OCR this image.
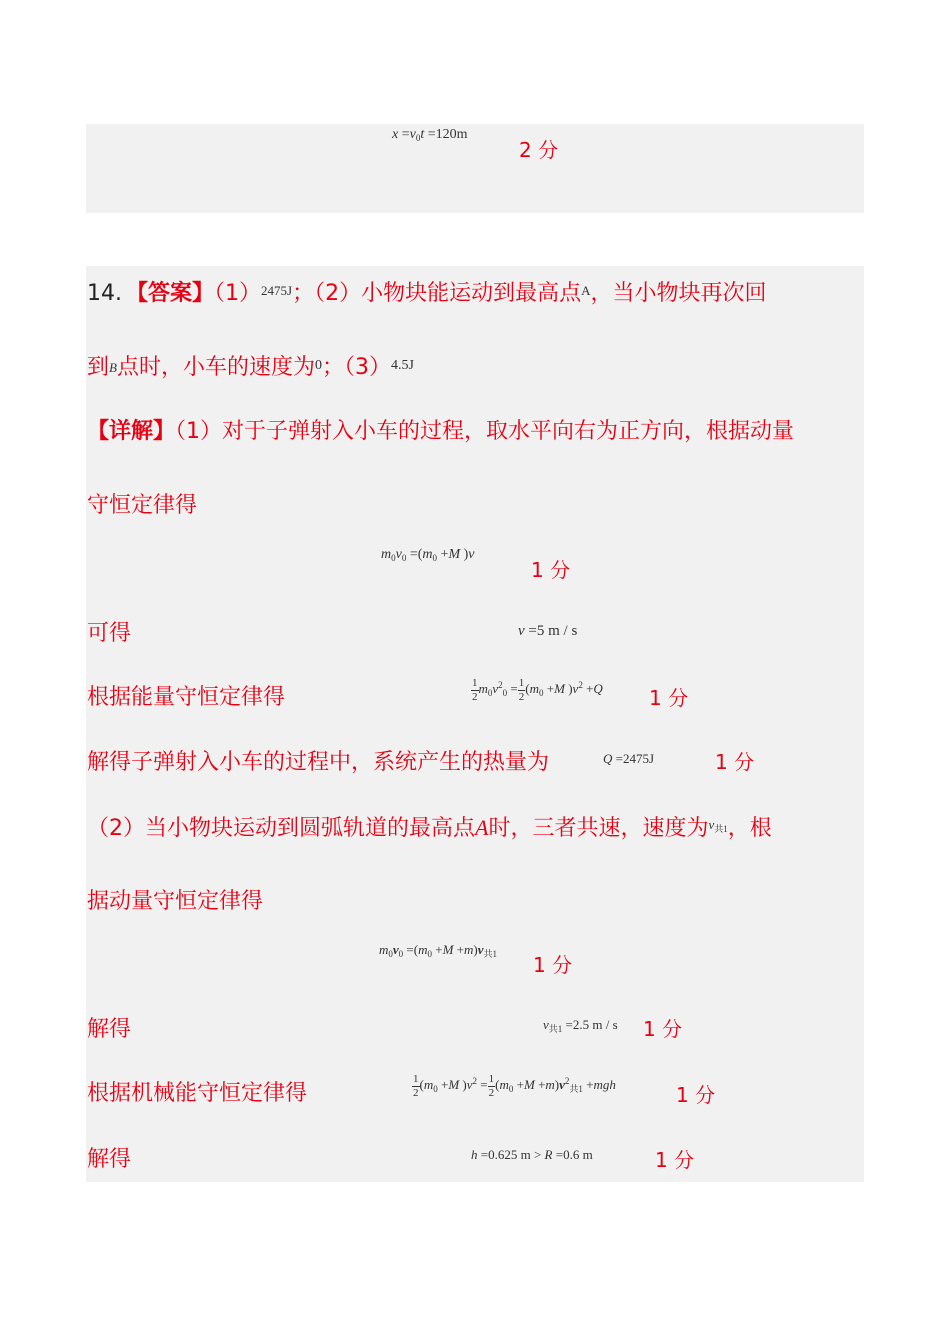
$x =v_0t =120m$
2 分
14. 【答案】$(1)^{2475J}$；（2）小物块能运动到最高点$^A$，当小物块再次回
到B点时，小车的速度为$^0$；$(3)^{4.5J}$
【详解】（1）对于子弹射入小车的过程，取水平向右为正方向，根据动量
守恒定律得
$m_0v_0 =(m_0 +M$ )v
1 分
可得	v =5 m / s
根据能量守恒定律得	$\frac{1}{2} m_0v^2_0 = \frac{1}{2} (m_0 +M$ )$v^2 +Q$ 1 分
解得子弹射入小车的过程中，系统产生的热量为	Q =2475J	1 分
（2）当小物块运动到圆弧轨道的最高点A时，三者共速，速度为$^{v_{共1}}$，根
据动量守恒定律得
$m_0v_0 =(m_0 +M +m)v_{共1}$ 1 分
解得	$v_{共1} =2.5$ m / s 1 分
根据机械能守恒定律得	$\frac{1}{2} (m_0 +M$ )$v^2 = \frac{1}{2} (m_0 +M +m)v^2_{共1} +mgh$	1 分
解得	h =0.625 m > R =0.6 m	1 分
